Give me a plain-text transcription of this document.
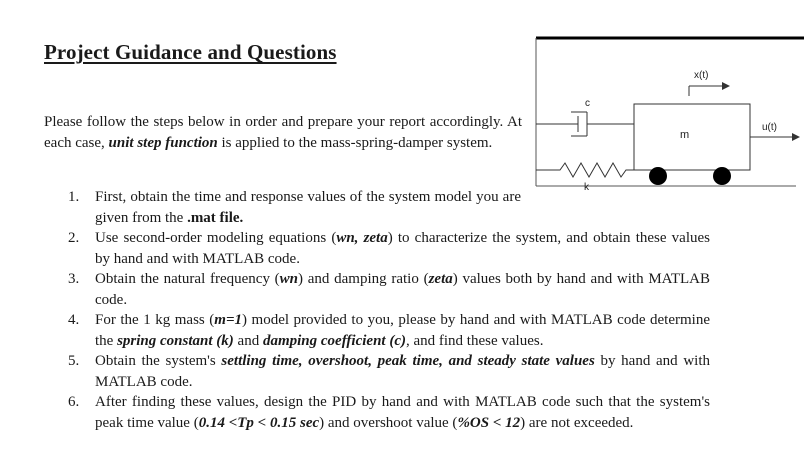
Project Guidance and Questions
Please follow the steps below in order and prepare your report accordingly. At each case, unit step function is applied to the mass-spring-damper system.
c
k
m
x(t)
u(t)
1. First, obtain the time and response values of the system model you are given from the .mat file.
2. Use second-order modeling equations (wn, zeta) to characterize the system, and obtain these values by hand and with MATLAB code.
3. Obtain the natural frequency (wn) and damping ratio (zeta) values both by hand and with MATLAB code.
4. For the 1 kg mass (m=1) model provided to you, please by hand and with MATLAB code determine the spring constant (k) and damping coefficient (c), and find these values.
5. Obtain the system's settling time, overshoot, peak time, and steady state values by hand and with MATLAB code.
6. After finding these values, design the PID by hand and with MATLAB code such that the system's peak time value (0.14 <Tp < 0.15 sec) and overshoot value (%OS < 12) are not exceeded.
